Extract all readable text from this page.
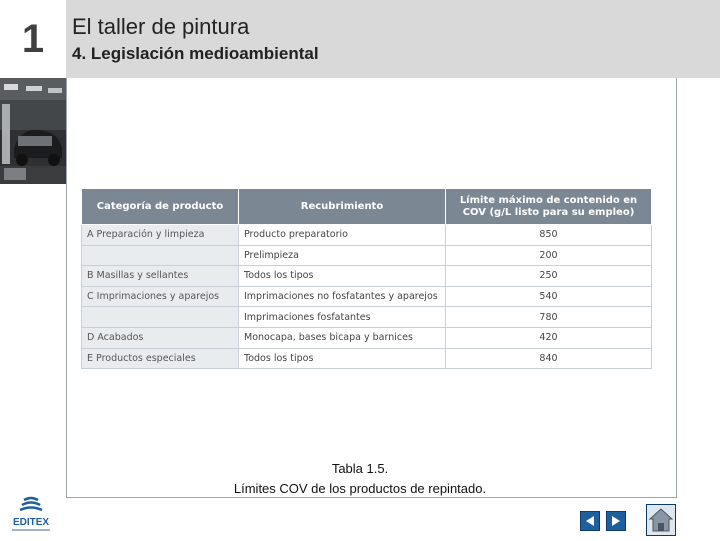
1	El taller de pintura
4. Legislación medioambiental
Categoría de producto	Recubrimiento	Límite máximo de contenido en COV (g/L listo para su empleo)
A Preparación y limpieza	Producto preparatorio	850
	Prelimpieza	200
B Masillas y sellantes	Todos los tipos	250
C Imprimaciones y aparejos	Imprimaciones no fosfatantes y aparejos	540
	Imprimaciones fosfatantes	780
D Acabados	Monocapa, bases bicapa y barnices	420
E Productos especiales	Todos los tipos	840
Tabla 1.5.
Límites COV de los productos de repintado.
EDITEX
